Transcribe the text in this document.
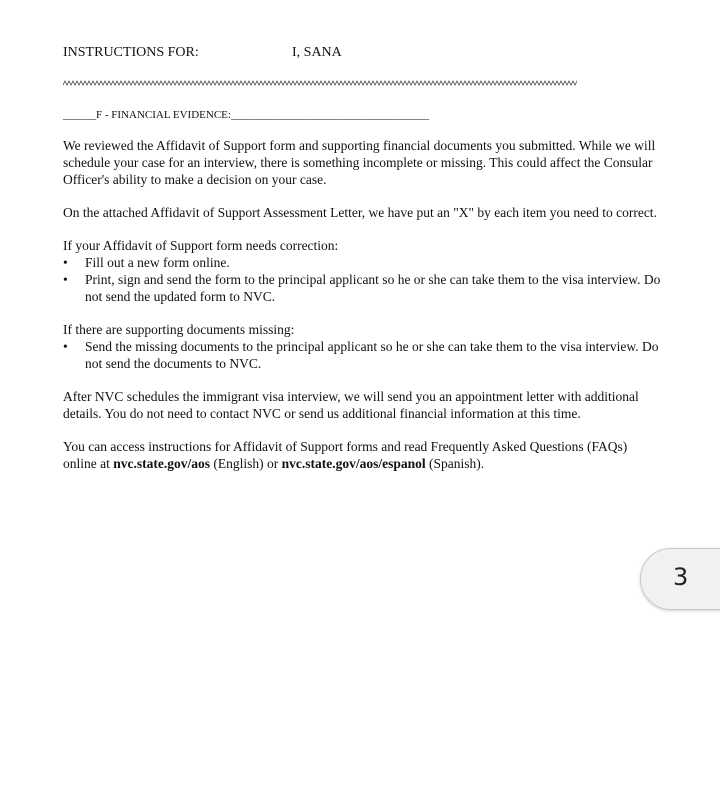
INSTRUCTIONS FOR:	I, SANA
______F - FINANCIAL EVIDENCE:____________________________________

We reviewed the Affidavit of Support form and supporting financial documents you submitted. While we will schedule your case for an interview, there is something incomplete or missing. This could affect the Consular Officer's ability to make a decision on your case.

On the attached Affidavit of Support Assessment Letter, we have put an "X" by each item you need to correct.

If your Affidavit of Support form needs correction:

•	Fill out a new form online.
•	Print, sign and send the form to the principal applicant so he or she can take them to the visa interview. Do not send the updated form to NVC.

If there are supporting documents missing:

•	Send the missing documents to the principal applicant so he or she can take them to the visa interview. Do not send the documents to NVC.

After NVC schedules the immigrant visa interview, we will send you an appointment letter with additional details. You do not need to contact NVC or send us additional financial information at this time.

You can access instructions for Affidavit of Support forms and read Frequently Asked Questions (FAQs) online at nvc.state.gov/aos (English) or nvc.state.gov/aos/espanol (Spanish).

3
